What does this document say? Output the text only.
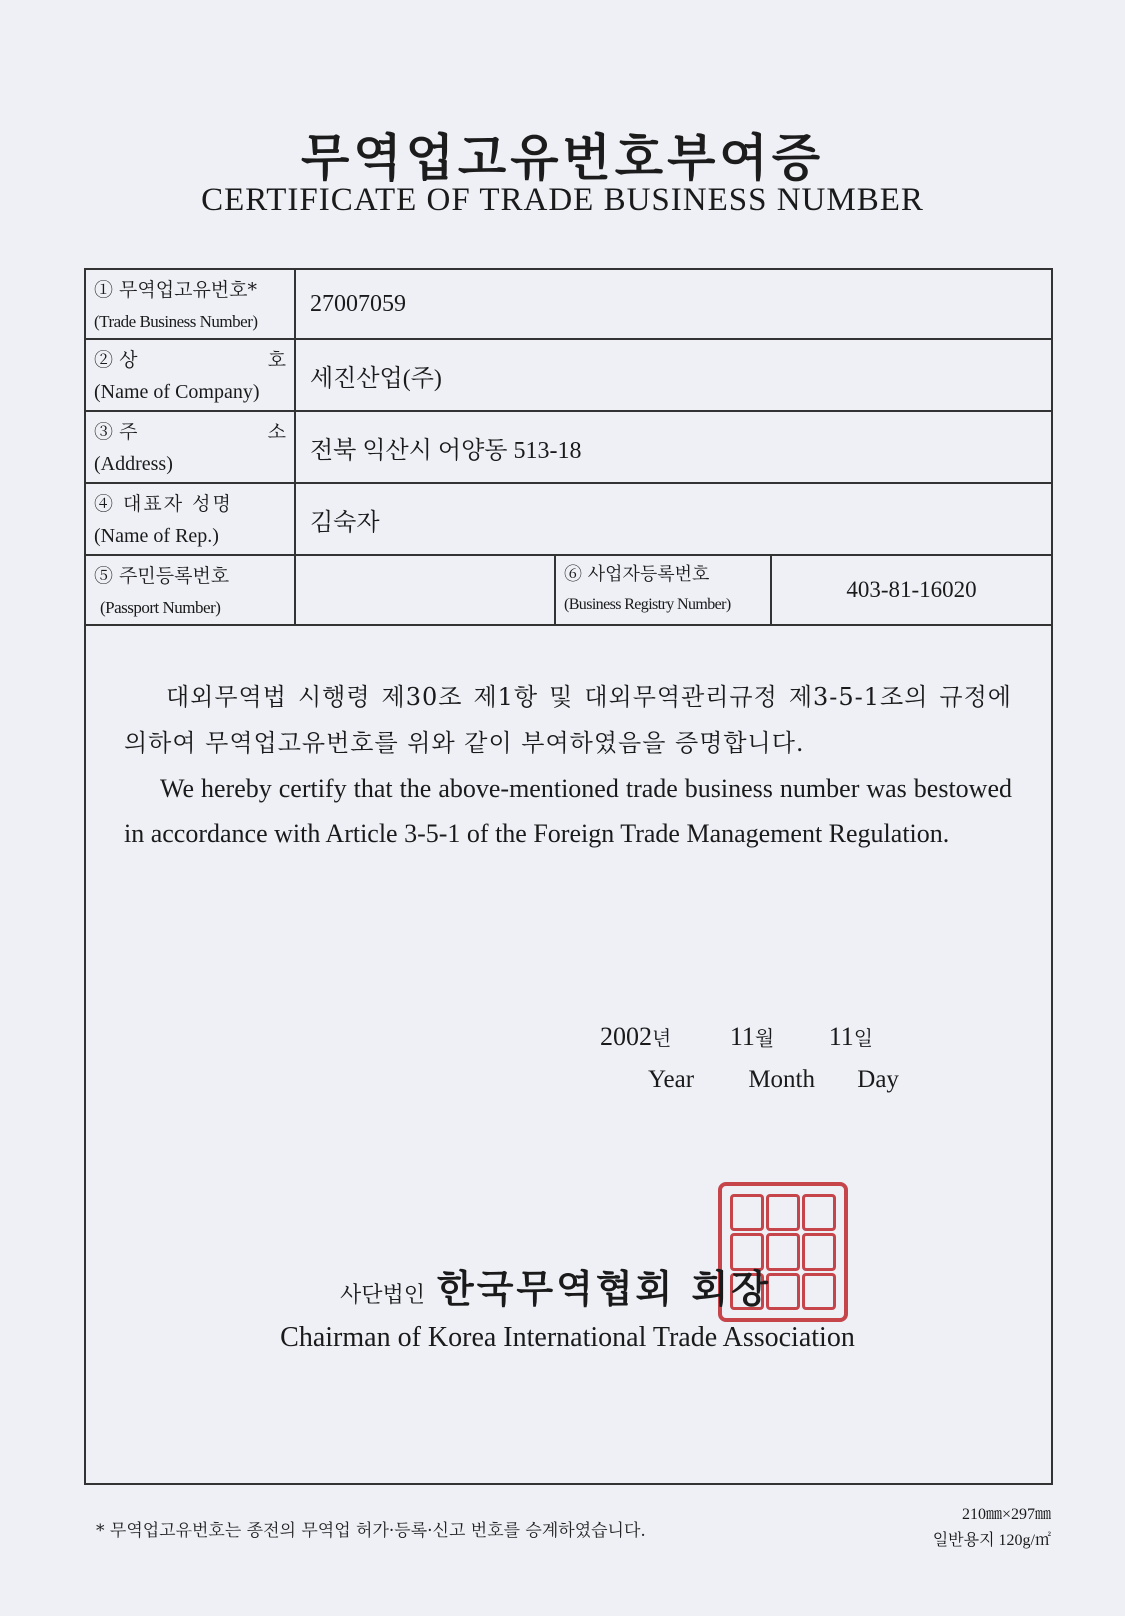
무역업고유번호부여증
CERTIFICATE OF TRADE BUSINESS NUMBER
① 무역업고유번호*
(Trade Business Number)
27007059
② 상	호
(Name of Company)
세진산업(주)
③ 주	소
(Address)
전북 익산시 어양동 513-18
④ 대표자 성명
(Name of Rep.)
김숙자
⑤ 주민등록번호
(Passport Number)
⑥ 사업자등록번호
(Business Registry Number)
403-81-16020
대외무역법 시행령 제30조 제1항 및 대외무역관리규정 제3-5-1조의 규정에 의하여 무역업고유번호를 위와 같이 부여하였음을 증명합니다.
We hereby certify that the above-mentioned trade business number was bestowed in accordance with Article 3-5-1 of the Foreign Trade Management Regulation.
2002년 11월 11일
Year Month Day
사단법인 한국무역협회 회장
Chairman of Korea International Trade Association
* 무역업고유번호는 종전의 무역업 허가·등록·신고 번호를 승계하였습니다.
210㎜×297㎜
일반용지 120g/㎡
